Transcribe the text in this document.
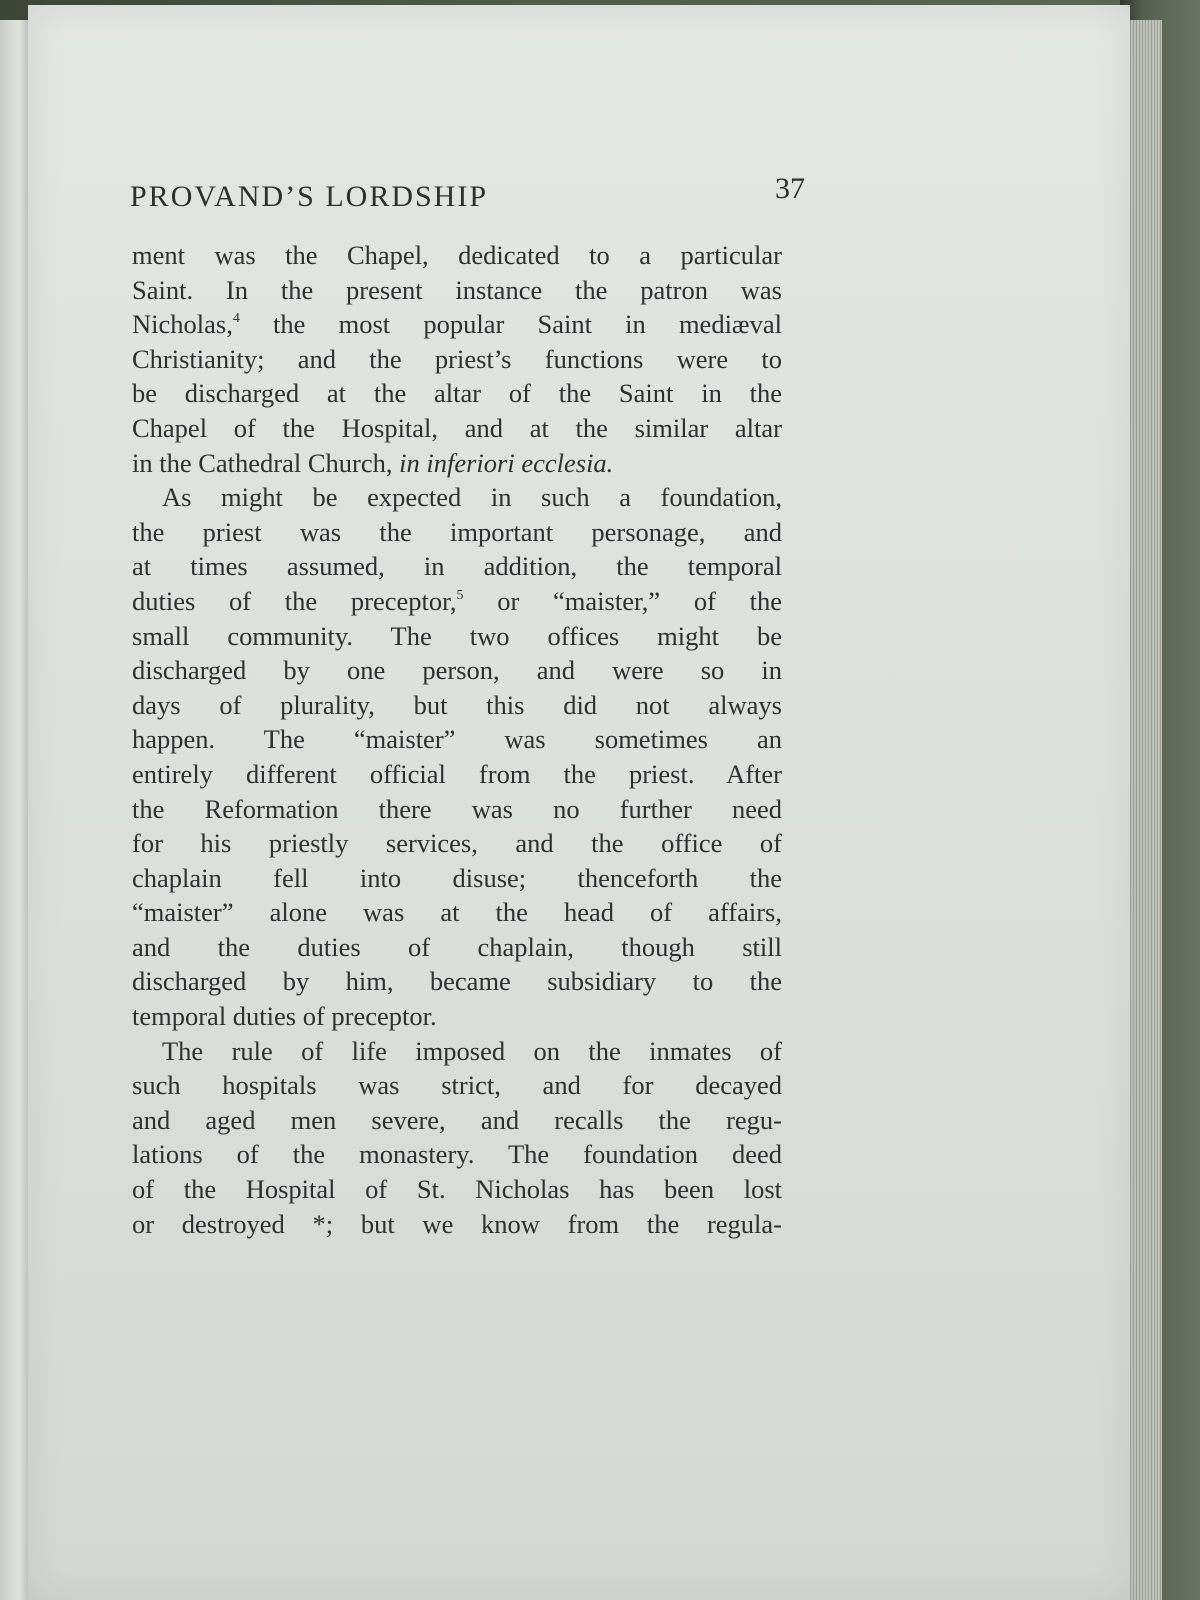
PROVAND’S LORDSHIP	37
ment was the Chapel, dedicated to a particular
Saint. In the present instance the patron was
Nicholas,$^4$ the most popular Saint in mediæval
Christianity; and the priest’s functions were to
be discharged at the altar of the Saint in the
Chapel of the Hospital, and at the similar altar
in the Cathedral Church, in inferiori ecclesia.
As might be expected in such a foundation,
the priest was the important personage, and
at times assumed, in addition, the temporal
duties of the preceptor,$^5$ or “maister,” of the
small community. The two offices might be
discharged by one person, and were so in
days of plurality, but this did not always
happen. The “maister” was sometimes an
entirely different official from the priest. After
the Reformation there was no further need
for his priestly services, and the office of
chaplain fell into disuse; thenceforth the
“maister” alone was at the head of affairs,
and the duties of chaplain, though still
discharged by him, became subsidiary to the
temporal duties of preceptor.
The rule of life imposed on the inmates of
such hospitals was strict, and for decayed
and aged men severe, and recalls the regu-
lations of the monastery. The foundation deed
of the Hospital of St. Nicholas has been lost
or destroyed *; but we know from the regula-
